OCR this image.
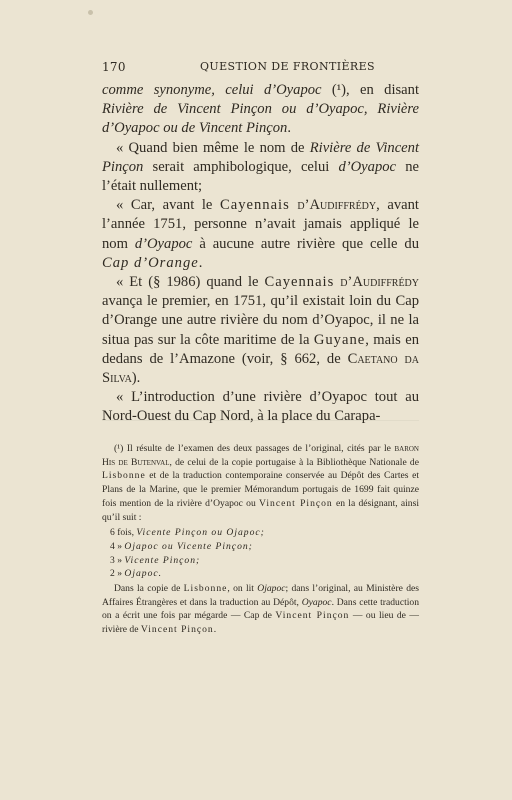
170	QUESTION DE FRONTIÈRES

comme synonyme, celui d’Oyapoc (¹), en disant Rivière de Vincent Pinçon ou d’Oyapoc, Rivière d’Oyapoc ou de Vincent Pinçon.

« Quand bien même le nom de Rivière de Vincent Pinçon serait amphibologique, celui d’Oyapoc ne l’était nullement;

« Car, avant le Cayennais d’Audiffrédy, avant l’année 1751, personne n’avait jamais appliqué le nom d’Oyapoc à aucune autre rivière que celle du Cap d’Orange.

« Et (§ 1986) quand le Cayennais d’Audiffrédy avança le premier, en 1751, qu’il existait loin du Cap d’Orange une autre rivière du nom d’Oyapoc, il ne la situa pas sur la côte maritime de la Guyane, mais en dedans de l’Amazone (voir, § 662, de Caetano da Silva).

« L’introduction d’une rivière d’Oyapoc tout au Nord-Ouest du Cap Nord, à la place du Carapa-

(¹) Il résulte de l’examen des deux passages de l’original, cités par le baron His de Butenval, de celui de la copie portugaise à la Bibliothèque Nationale de Lisbonne et de la traduction contemporaine conservée au Dépôt des Cartes et Plans de la Marine, que le premier Mémorandum portugais de 1699 fait quinze fois mention de la rivière d’Oyapoc ou Vincent Pinçon en la désignant, ainsi qu’il suit :

6 fois, Vicente Pinçon ou Ojapoc;
4 » Ojapoc ou Vicente Pinçon;
3 » Vicente Pinçon;
2 » Ojapoc.

Dans la copie de Lisbonne, on lit Ojapoc; dans l’original, au Ministère des Affaires Étrangères et dans la traduction au Dépôt, Oyapoc. Dans cette traduction on a écrit une fois par mégarde — Cap de Vincent Pinçon — ou lieu de — rivière de Vincent Pinçon.
